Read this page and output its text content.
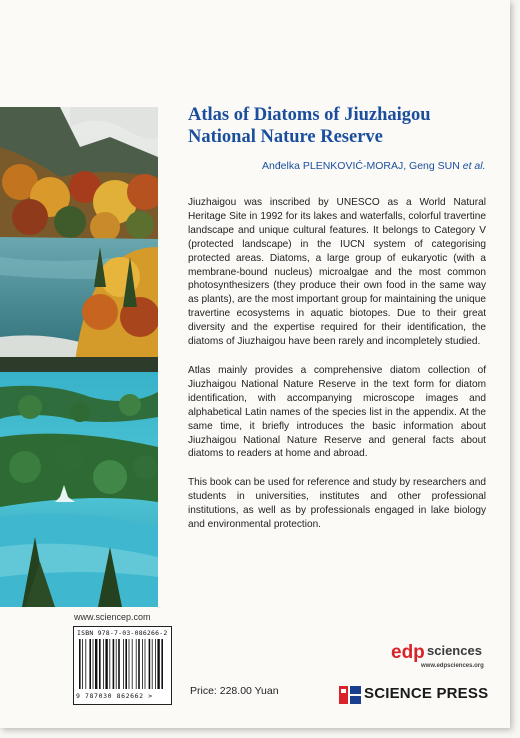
www.sciencep.com
ISBN 978-7-03-086266-2
9 787030 862662 >
Atlas of Diatoms of Jiuzhaigou
National Nature Reserve
Anđelka PLENKOVIĆ-MORAJ, Geng SUN et al.

Jiuzhaigou was inscribed by UNESCO as a World Natural Heritage Site in 1992 for its lakes and waterfalls, colorful travertine landscape and unique cultural features. It belongs to Category V (protected landscape) in the IUCN system of categorising protected areas. Diatoms, a large group of eukaryotic (with a membrane-bound nucleus) microalgae and the most common photosynthesizers (they produce their own food in the same way as plants), are the most important group for maintaining the unique travertine ecosystems in aquatic biotopes. Due to their great diversity and the expertise required for their identification, the diatoms of Jiuzhaigou have been rarely and incompletely studied.

Atlas mainly provides a comprehensive diatom collection of Jiuzhaigou National Nature Reserve in the text form for diatom identification, with accompanying microscope images and alphabetical Latin names of the species list in the appendix. At the same time, it briefly introduces the basic information about Jiuzhaigou National Nature Reserve and general facts about diatoms to readers at home and abroad.

This book can be used for reference and study by researchers and students in universities, institutes and other professional institutions, as well as by professionals engaged in lake biology and environmental protection.

Price: 228.00 Yuan
edp sciences
www.edpsciences.org
SCIENCE PRESS
